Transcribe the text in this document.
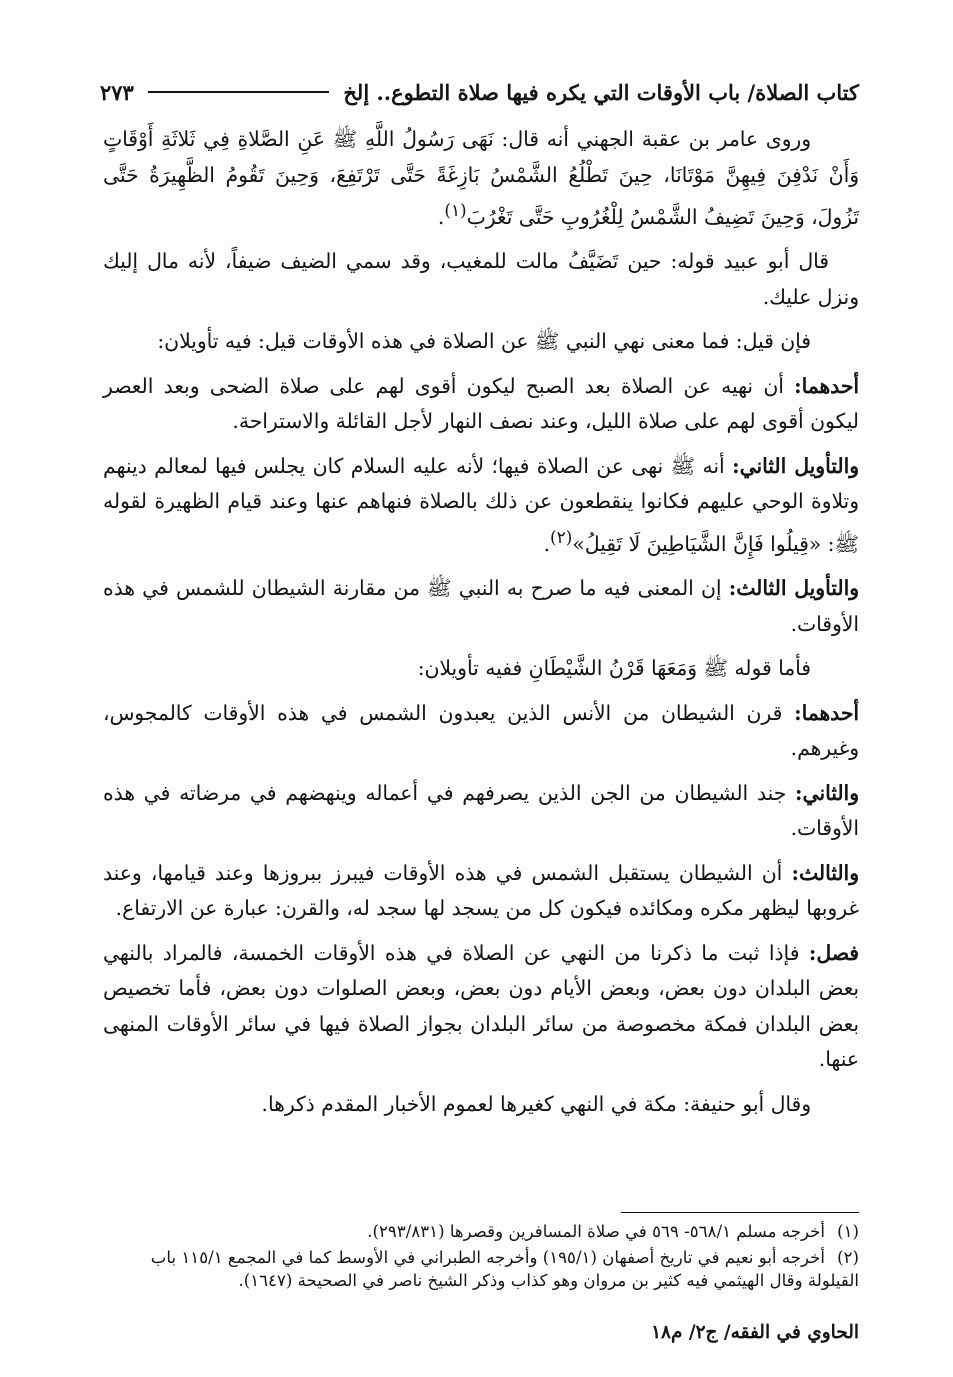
كتاب الصلاة/ باب الأوقات التي يكره فيها صلاة التطوع.. إلخ
٢٧٣

وروى عامر بن عقبة الجهني أنه قال: نَهَى رَسُولُ اللَّهِ ﷺ عَنِ الصَّلاةِ فِي ثَلاثَةِ أَوْقَاتٍ وَأَنْ نَدْفِنَ فِيهِنَّ مَوْتَانَا، حِينَ تَطْلُعُ الشَّمْسُ بَازِغَةً حَتَّى تَرْتَفِعَ، وَحِينَ تَقُومُ الظَّهِيرَةُ حَتَّى تَزُولَ، وَحِينَ تَضِيفُ الشَّمْسُ لِلْغُرُوبِ حَتَّى تَغْرُبَ$^{(١)}$.

قال أبو عبيد قوله: حين تَضَيَّفُ مالت للمغيب، وقد سمي الضيف ضيفاً، لأنه مال إليك ونزل عليك.

فإن قيل: فما معنى نهي النبي ﷺ عن الصلاة في هذه الأوقات قيل: فيه تأويلان:

أحدهما: أن نهيه عن الصلاة بعد الصبح ليكون أقوى لهم على صلاة الضحى وبعد العصر ليكون أقوى لهم على صلاة الليل، وعند نصف النهار لأجل القائلة والاستراحة.

والتأويل الثاني: أنه ﷺ نهى عن الصلاة فيها؛ لأنه عليه السلام كان يجلس فيها لمعالم دينهم وتلاوة الوحي عليهم فكانوا ينقطعون عن ذلك بالصلاة فنهاهم عنها وعند قيام الظهيرة لقوله ﷺ: «قِيلُوا فَإِنَّ الشَّيَاطِينَ لَا تَقِيلُ»$^{(٢)}$.

والتأويل الثالث: إن المعنى فيه ما صرح به النبي ﷺ من مقارنة الشيطان للشمس في هذه الأوقات.

فأما قوله ﷺ وَمَعَهَا قَرْنُ الشَّيْطَانِ ففيه تأويلان:

أحدهما: قرن الشيطان من الأنس الذين يعبدون الشمس في هذه الأوقات كالمجوس، وغيرهم.

والثاني: جند الشيطان من الجن الذين يصرفهم في أعماله وينهضهم في مرضاته في هذه الأوقات.

والثالث: أن الشيطان يستقبل الشمس في هذه الأوقات فيبرز ببروزها وعند قيامها، وعند غروبها ليظهر مكره ومكائده فيكون كل من يسجد لها سجد له، والقرن: عبارة عن الارتفاع.

فصل: فإذا ثبت ما ذكرنا من النهي عن الصلاة في هذه الأوقات الخمسة، فالمراد بالنهي بعض البلدان دون بعض، وبعض الأيام دون بعض، وبعض الصلوات دون بعض، فأما تخصيص بعض البلدان فمكة مخصوصة من سائر البلدان بجواز الصلاة فيها في سائر الأوقات المنهى عنها.

وقال أبو حنيفة: مكة في النهي كغيرها لعموم الأخبار المقدم ذكرها.

(١)أخرجه مسلم ٥٦٨/١- ٥٦٩ في صلاة المسافرين وقصرها (٢٩٣/٨٣١).
(٢)أخرجه أبو نعيم في تاريخ أصفهان (١٩٥/١) وأخرجه الطبراني في الأوسط كما في المجمع ١١٥/١ باب القيلولة وقال الهيثمي فيه كثير بن مروان وهو كذاب وذكر الشيخ ناصر في الصحيحة (١٦٤٧).
الحاوي في الفقه/ ج٢/ م١٨
